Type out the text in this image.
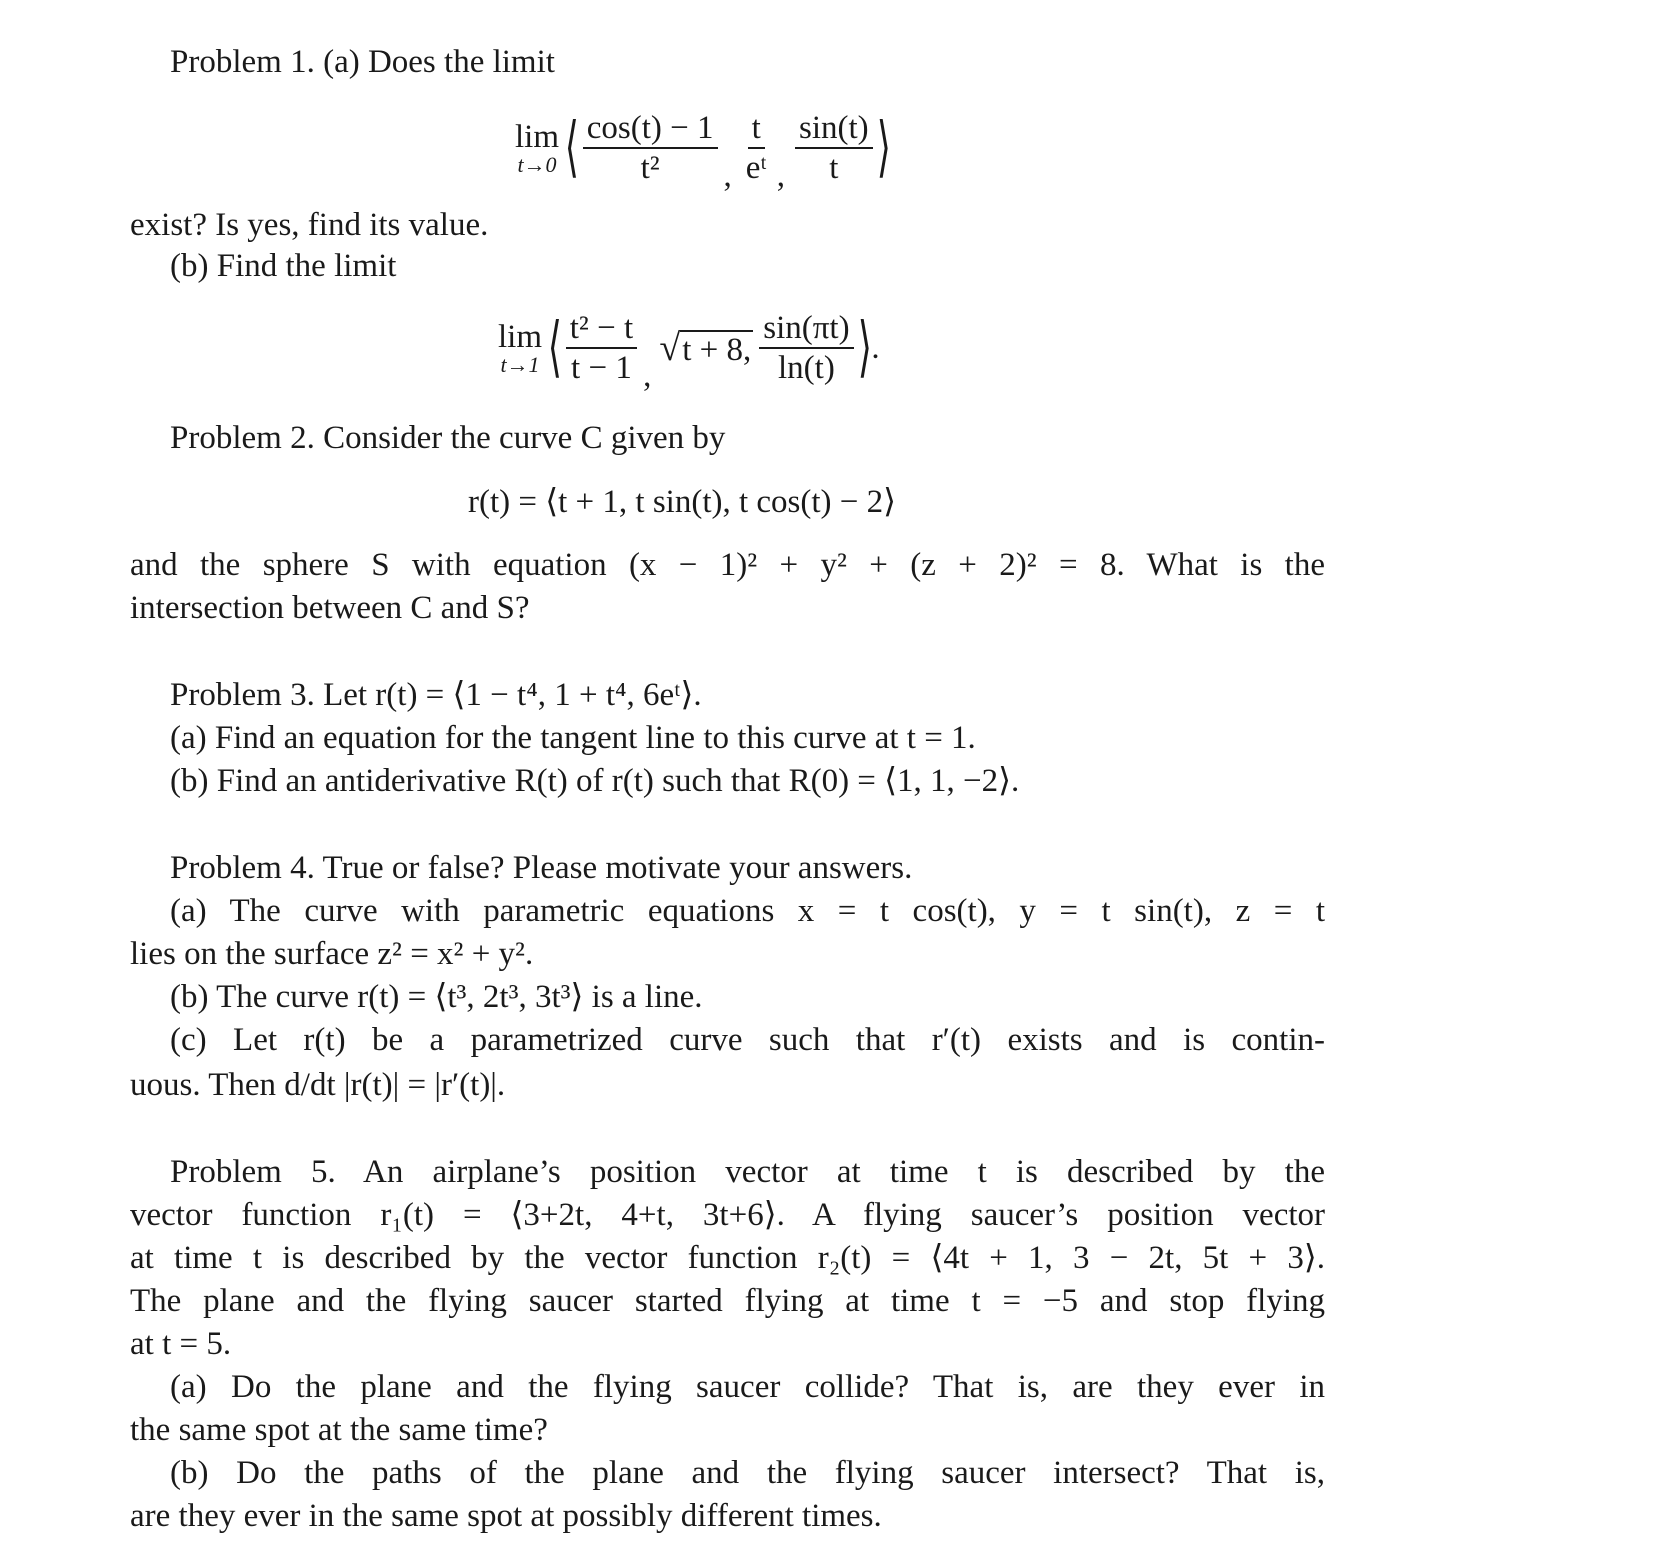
Problem 1. (a) Does the limit
lim
t→0 ⟨ $\frac{\cos(t) - 1}{\text{t²}}$ , $\frac{t}{\text{eᵗ}}$ , $\frac{\sin(t)}{t}$ ⟩
exist? Is yes, find its value.
(b) Find the limit
lim
t→1 ⟨ $\frac{\text{t² − t}}{t - 1}$ ,
√ t + 8, $\frac{\sin(\pi t)}{\ln(t)}$ ⟩ .
Problem 2. Consider the curve C given by
r(t) = ⟨t + 1, t sin(t), t cos(t) − 2⟩
and the sphere S with equation (x − 1)² + y² + (z + 2)² = 8. What is the
intersection between C and S?
Problem 3. Let r(t) = ⟨1 − t⁴, 1 + t⁴, 6eᵗ⟩.
(a) Find an equation for the tangent line to this curve at t = 1.
(b) Find an antiderivative R(t) of r(t) such that R(0) = ⟨1, 1, −2⟩.
Problem 4. True or false? Please motivate your answers.
(a) The curve with parametric equations x = t cos(t), y = t sin(t), z = t
lies on the surface z² = x² + y².
(b) The curve r(t) = ⟨t³, 2t³, 3t³⟩ is a line.
(c) Let r(t) be a parametrized curve such that r′(t) exists and is contin-
uous. Then d/dt |r(t)| = |r′(t)|.
Problem 5. An airplane’s position vector at time t is described by the
vector function r₁(t) = ⟨3+2t, 4+t, 3t+6⟩. A flying saucer’s position vector
at time t is described by the vector function r₂(t) = ⟨4t + 1, 3 − 2t, 5t + 3⟩.
The plane and the flying saucer started flying at time t = −5 and stop flying
at t = 5.
(a) Do the plane and the flying saucer collide? That is, are they ever in
the same spot at the same time?
(b) Do the paths of the plane and the flying saucer intersect? That is,
are they ever in the same spot at possibly different times.
